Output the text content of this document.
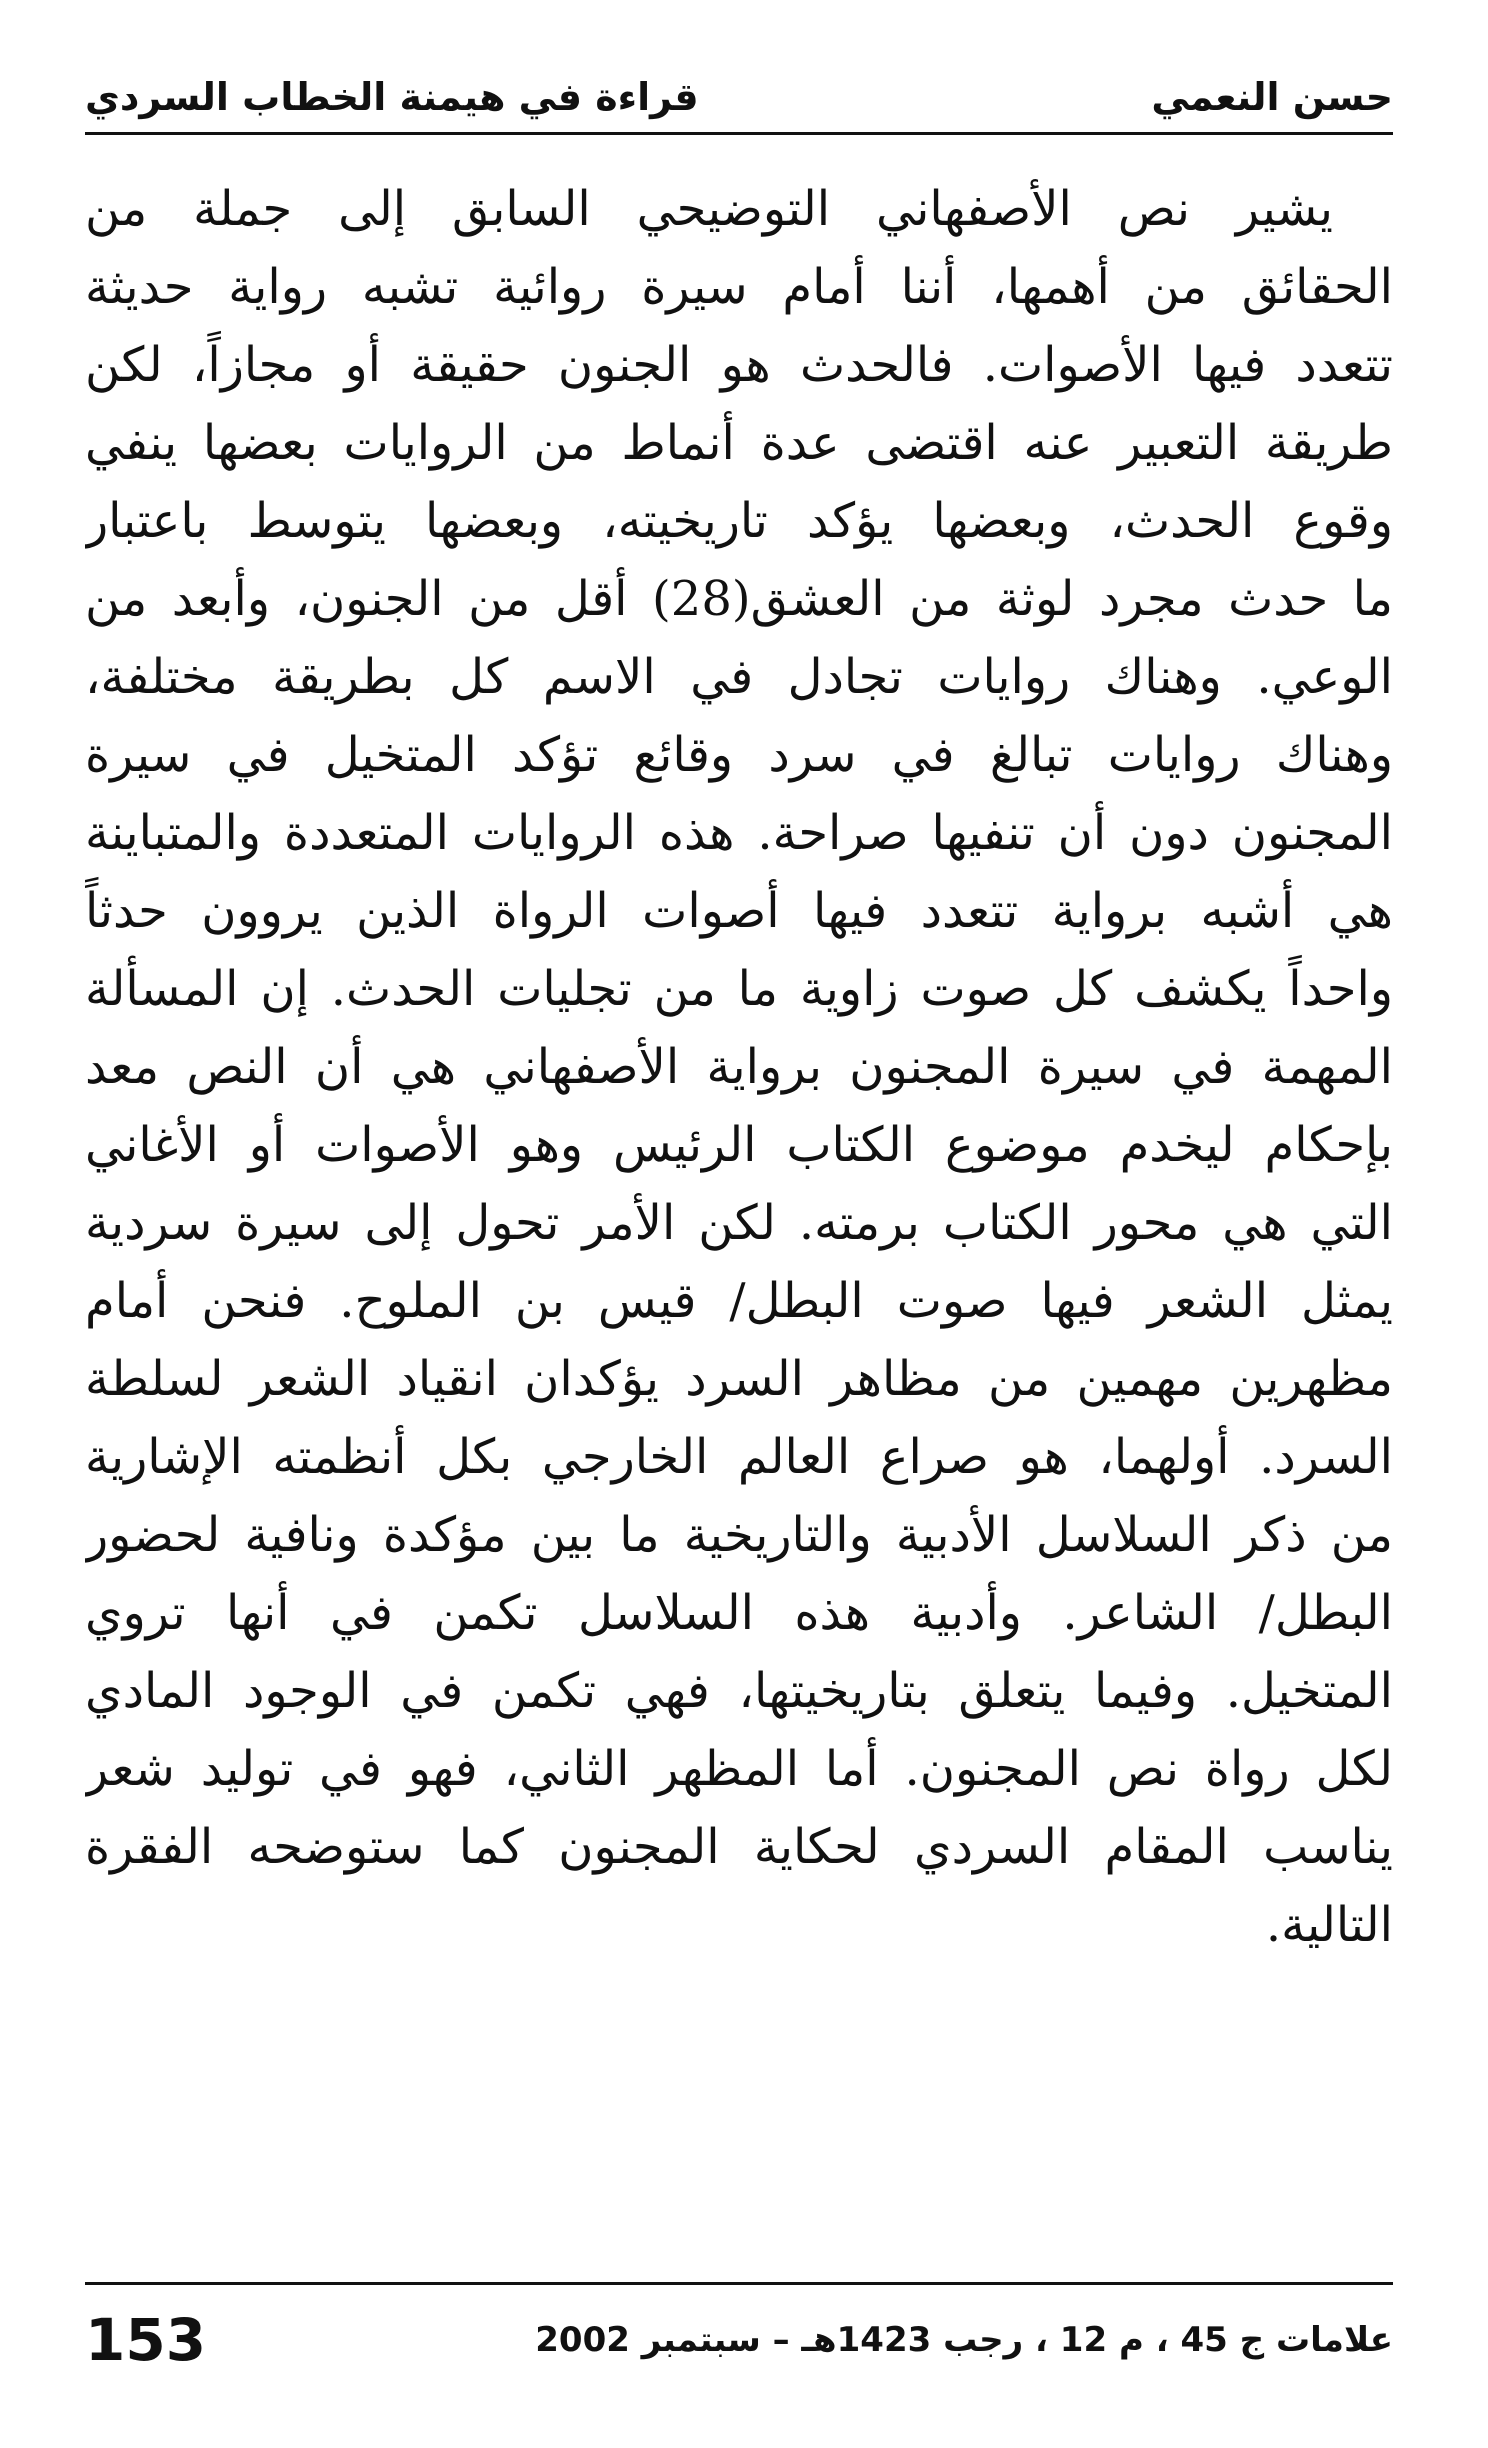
قراءة في هيمنة الخطاب السردي	حسن النعمي
يشير نص الأصفهاني التوضيحي السابق إلى جملة من
الحقائق من أهمها، أننا أمام سيرة روائية تشبه رواية حديثة
تتعدد فيها الأصوات. فالحدث هو الجنون حقيقة أو مجازاً، لكن
طريقة التعبير عنه اقتضى عدة أنماط من الروايات بعضها ينفي
وقوع الحدث، وبعضها يؤكد تاريخيته، وبعضها يتوسط باعتبار
ما حدث مجرد لوثة من العشق(28) أقل من الجنون، وأبعد من
الوعي. وهناك روايات تجادل في الاسم كل بطريقة مختلفة،
وهناك روايات تبالغ في سرد وقائع تؤكد المتخيل في سيرة
المجنون دون أن تنفيها صراحة. هذه الروايات المتعددة والمتباينة
هي أشبه برواية تتعدد فيها أصوات الرواة الذين يروون حدثاً
واحداً يكشف كل صوت زاوية ما من تجليات الحدث. إن المسألة
المهمة في سيرة المجنون برواية الأصفهاني هي أن النص معد
بإحكام ليخدم موضوع الكتاب الرئيس وهو الأصوات أو الأغاني
التي هي محور الكتاب برمته. لكن الأمر تحول إلى سيرة سردية
يمثل الشعر فيها صوت البطل/ قيس بن الملوح. فنحن أمام
مظهرين مهمين من مظاهر السرد يؤكدان انقياد الشعر لسلطة
السرد. أولهما، هو صراع العالم الخارجي بكل أنظمته الإشارية
من ذكر السلاسل الأدبية والتاريخية ما بين مؤكدة ونافية لحضور
البطل/ الشاعر. وأدبية هذه السلاسل تكمن في أنها تروي
المتخيل. وفيما يتعلق بتاريخيتها، فهي تكمن في الوجود المادي
لكل رواة نص المجنون. أما المظهر الثاني، فهو في توليد شعر
يناسب المقام السردي لحكاية المجنون كما ستوضحه الفقرة
التالية.
153	علامات ج 45 ، م 12 ، رجب 1423هـ – سبتمبر 2002
